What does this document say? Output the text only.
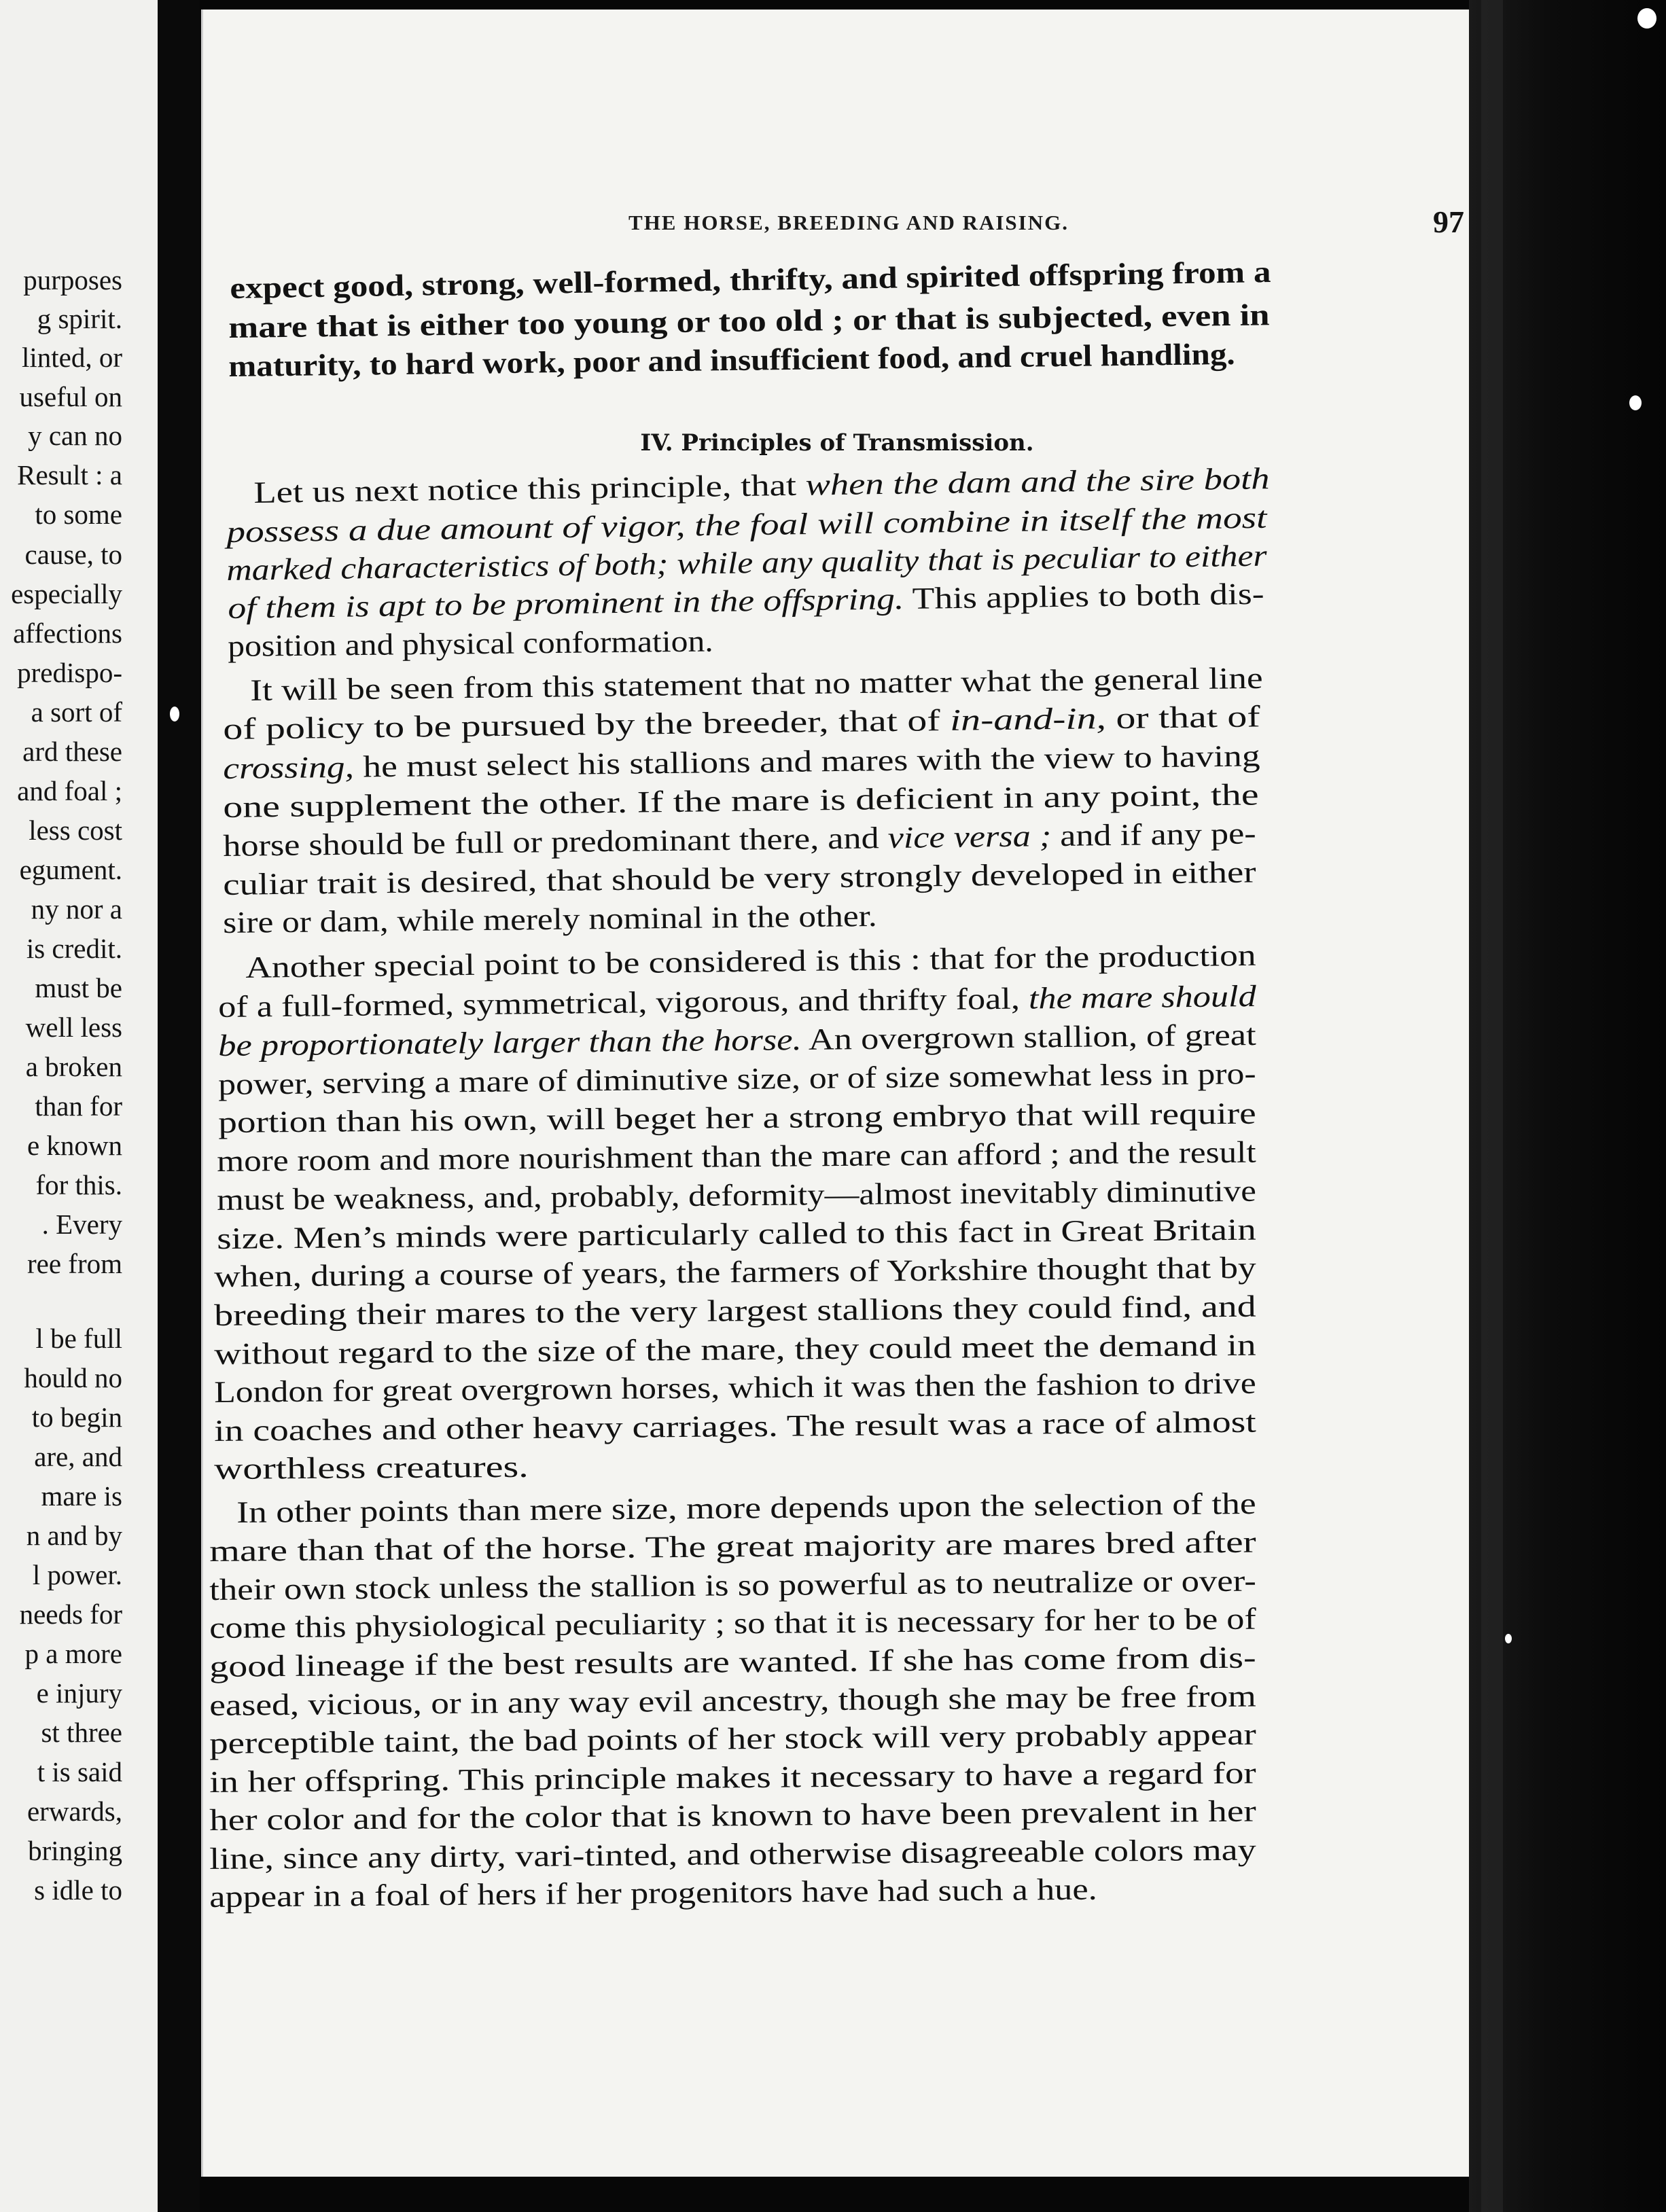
purposes
g spirit.
linted, or
useful on
y can no
Result : a
to some
cause, to
especially
affections
predispo-
a sort of
ard these
and foal ;
less cost
egument.
ny nor a
is credit.
must be
well less
a broken
than for
e known
for this.
. Every
ree from
l be full
hould no
to begin
are, and
mare is
n and by
l power.
needs for
p a more
e injury
st three
t is said
erwards,
bringing
s idle to
THE HORSE, BREEDING AND RAISING.	97
IV. Principles of Transmission.
expect good, strong, well-formed, thrifty, and spirited offspring from a
mare that is either too young or too old ; or that is subjected, even in
maturity, to hard work, poor and insufficient food, and cruel handling.
Let us next notice this principle, that when the dam and the sire both
possess a due amount of vigor, the foal will combine in itself the most
marked characteristics of both; while any quality that is peculiar to either
of them is apt to be prominent in the offspring. This applies to both dis-
position and physical conformation.
It will be seen from this statement that no matter what the general line
of policy to be pursued by the breeder, that of in-and-in, or that of
crossing, he must select his stallions and mares with the view to having
one supplement the other. If the mare is deficient in any point, the
horse should be full or predominant there, and vice versa ; and if any pe-
culiar trait is desired, that should be very strongly developed in either
sire or dam, while merely nominal in the other.
Another special point to be considered is this : that for the production
of a full-formed, symmetrical, vigorous, and thrifty foal, the mare should
be proportionately larger than the horse. An overgrown stallion, of great
power, serving a mare of diminutive size, or of size somewhat less in pro-
portion than his own, will beget her a strong embryo that will require
more room and more nourishment than the mare can afford ; and the result
must be weakness, and, probably, deformity—almost inevitably diminutive
size. Men’s minds were particularly called to this fact in Great Britain
when, during a course of years, the farmers of Yorkshire thought that by
breeding their mares to the very largest stallions they could find, and
without regard to the size of the mare, they could meet the demand in
London for great overgrown horses, which it was then the fashion to drive
in coaches and other heavy carriages. The result was a race of almost
worthless creatures.
In other points than mere size, more depends upon the selection of the
mare than that of the horse. The great majority are mares bred after
their own stock unless the stallion is so powerful as to neutralize or over-
come this physiological peculiarity ; so that it is necessary for her to be of
good lineage if the best results are wanted. If she has come from dis-
eased, vicious, or in any way evil ancestry, though she may be free from
perceptible taint, the bad points of her stock will very probably appear
in her offspring. This principle makes it necessary to have a regard for
her color and for the color that is known to have been prevalent in her
line, since any dirty, vari-tinted, and otherwise disagreeable colors may
appear in a foal of hers if her progenitors have had such a hue.
